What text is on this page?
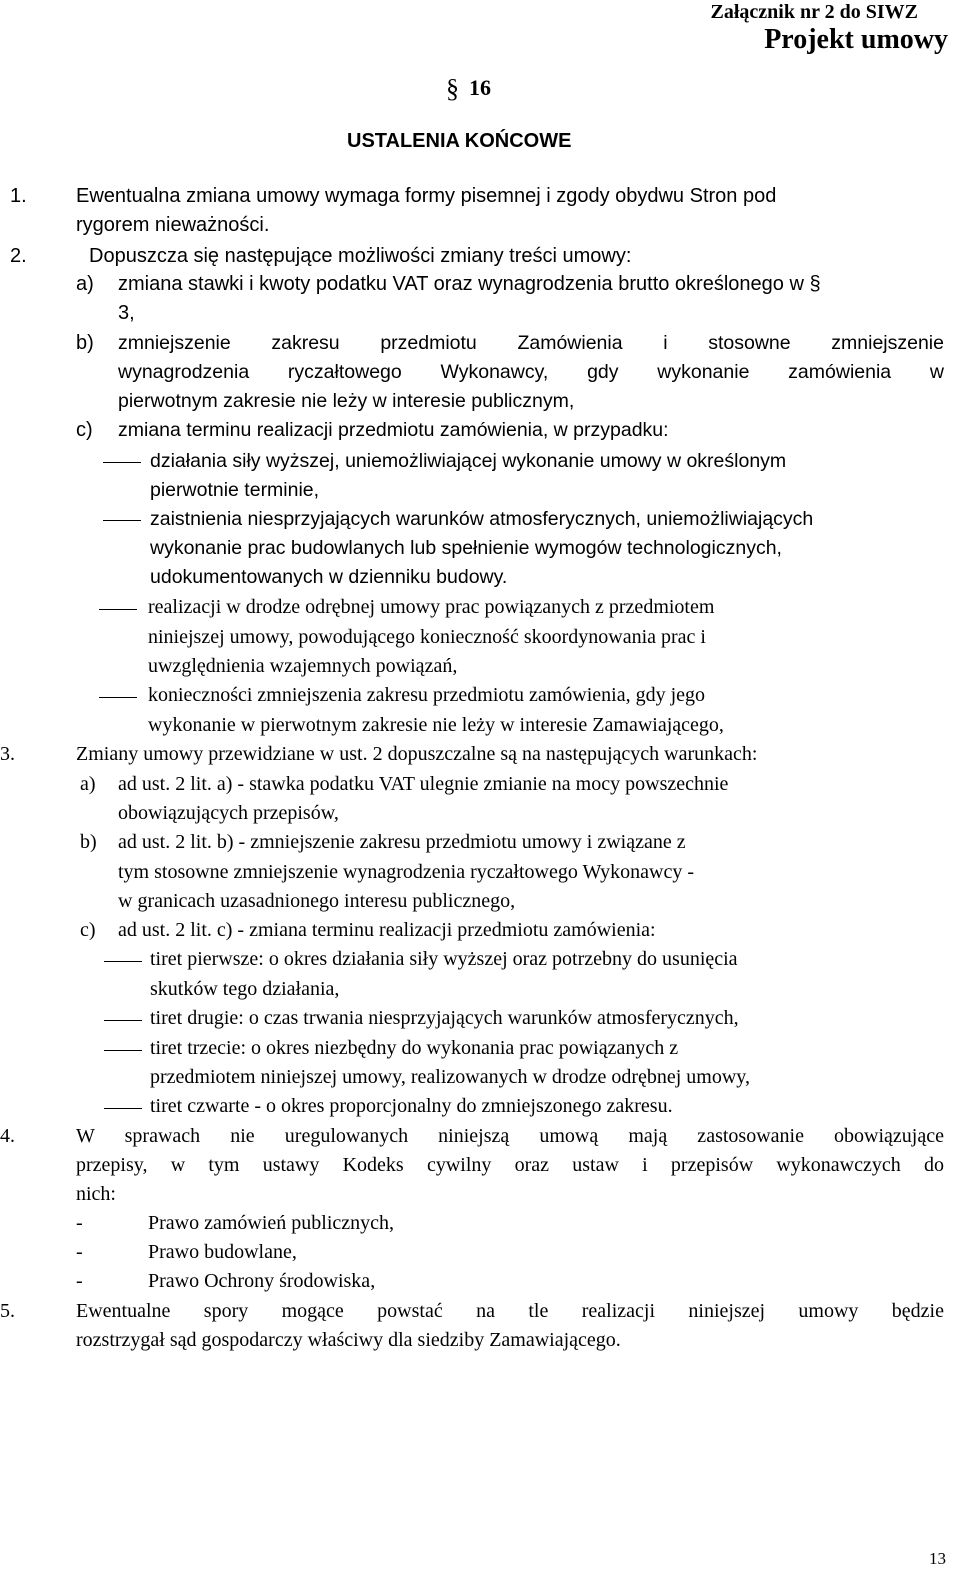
Załącznik nr 2 do SIWZ
Projekt umowy
§ 16
USTALENIA KOŃCOWE
1. Ewentualna zmiana umowy wymaga formy pisemnej i zgody obydwu Stron pod
rygorem nieważności.
2.	Dopuszcza się następujące możliwości zmiany treści umowy:
a) zmiana stawki i kwoty podatku VAT oraz wynagrodzenia brutto określonego w §
3,
b) zmniejszenie zakresu przedmiotu Zamówienia i stosowne zmniejszenie
wynagrodzenia ryczałtowego Wykonawcy, gdy wykonanie zamówienia w
pierwotnym zakresie nie leży w interesie publicznym,
c) zmiana terminu realizacji przedmiotu zamówienia, w przypadku:
działania siły wyższej, uniemożliwiającej wykonanie umowy w określonym
pierwotnie terminie,
zaistnienia niesprzyjających warunków atmosferycznych, uniemożliwiających
wykonanie prac budowlanych lub spełnienie wymogów technologicznych,
udokumentowanych w dzienniku budowy.
realizacji w drodze odrębnej umowy prac powiązanych z przedmiotem
niniejszej umowy, powodującego konieczność skoordynowania prac i
uwzględnienia wzajemnych powiązań,
konieczności zmniejszenia zakresu przedmiotu zamówienia, gdy jego
wykonanie w pierwotnym zakresie nie leży w interesie Zamawiającego,
3.	Zmiany umowy przewidziane w ust. 2 dopuszczalne są na następujących warunkach:
a) ad ust. 2 lit. a) - stawka podatku VAT ulegnie zmianie na mocy powszechnie
obowiązujących przepisów,
b) ad ust. 2 lit. b) - zmniejszenie zakresu przedmiotu umowy i związane z
tym stosowne zmniejszenie wynagrodzenia ryczałtowego Wykonawcy -
w granicach uzasadnionego interesu publicznego,
c) ad ust. 2 lit. c) - zmiana terminu realizacji przedmiotu zamówienia:
tiret pierwsze: o okres działania siły wyższej oraz potrzebny do usunięcia
skutków tego działania,
tiret drugie: o czas trwania niesprzyjających warunków atmosferycznych,
tiret trzecie: o okres niezbędny do wykonania prac powiązanych z
przedmiotem niniejszej umowy, realizowanych w drodze odrębnej umowy,
tiret czwarte - o okres proporcjonalny do zmniejszonego zakresu.
4.	W sprawach nie uregulowanych niniejszą umową mają zastosowanie obowiązujące
przepisy, w tym ustawy Kodeks cywilny oraz ustaw i przepisów wykonawczych do
nich:
-	Prawo zamówień publicznych,
-	Prawo budowlane,
-	Prawo Ochrony środowiska,
5.	Ewentualne spory mogące powstać na tle realizacji niniejszej umowy będzie
rozstrzygał sąd gospodarczy właściwy dla siedziby Zamawiającego.
13
